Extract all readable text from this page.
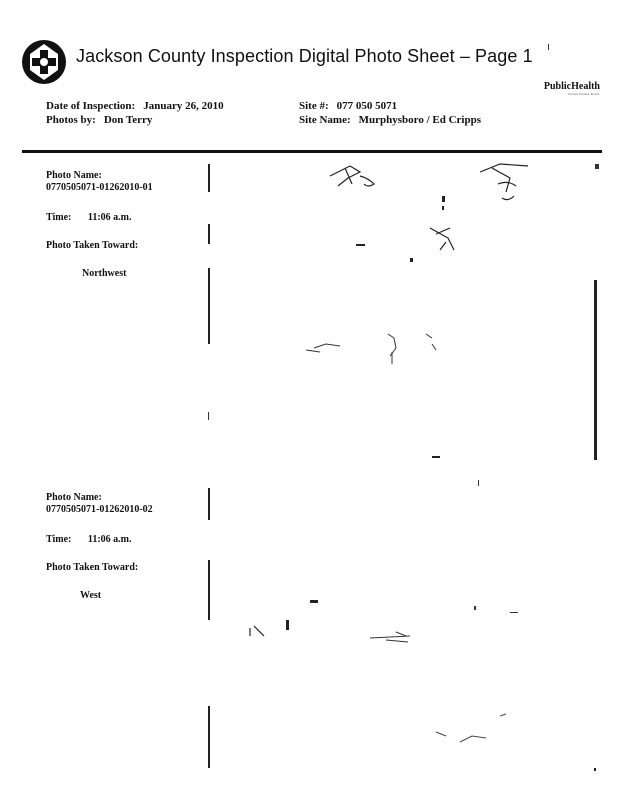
Jackson County Inspection Digital Photo Sheet – Page 1
PublicHealth
Prevent. Promote. Protect.
Date of Inspection: January 26, 2010
Photos by: Don Terry
Site #: 077 050 5071
Site Name: Murphysboro / Ed Cripps
Photo Name:
0770505071-01262010-01
Time: 11:06 a.m.
Photo Taken Toward:
Northwest
Photo Name:
0770505071-01262010-02
Time: 11:06 a.m.
Photo Taken Toward:
West
